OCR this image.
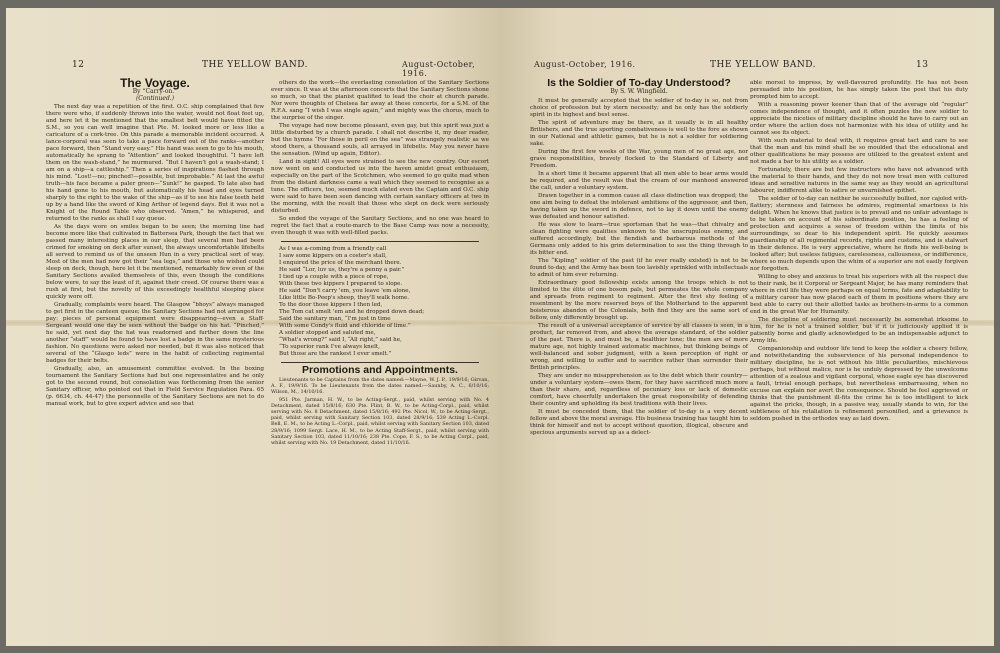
12	THE YELLOW BAND.	August-October, 1916.
The Voyage.
By “Carry-on.”
(Continued.)

The next day was a repetition of the first. O.C. ship complained that few there were who, if suddenly thrown into the water, would not float feet up, and here let it be mentioned that the smallest belt would have fitted the S.M., so you can well imagine that Pte. M. looked more or less like a caricature of a cork-tree. On this parade a memorable incident occurred. A lance-corporal was seen to take a pace forward out of the ranks—another pace forward, then “Stand very easy.” His hand was seen to go to his mouth, automatically he sprang to “Attention” and looked thoughtful. “I have left them on the wash-stand,” he murmured. “But I haven’t got a wash-stand; I am on a ship—a cattleship.” Then a series of inspirations flashed through his mind. “Lost!—no; pinched!—possible, but improbable.” At last the awful truth—his face became a paler green—“Sunk!” he gasped. To late also had his hand gone to his mouth, but automatically his head and eyes turned sharply to the right to the wake of the ship—as if to see his false teeth held up by a hand like the sword of King Arthur of legend days. But it was not a Knight of the Round Table who observed. “Amen,” he whispered, and returned to the ranks as shall I say queue.

As the days wore on smiles began to be seen; the morning line had become more like that cultivated in Battersea Park, though the fact that we passed many interesting places in our sleep, that several men had been crimed for smoking on deck after sunset, the always uncomfortable lifebelts all served to remind us of the unseen Hun in a very practical sort of way. Most of the men had now got their “sea legs,” and those who wished could sleep on deck, though, here let it be mentioned, remarkably few even of the Sanitary Sections availed themselves of this, even though the conditions below were, to say the least of it, against their creed. Of course there was a rush at first, but the novelty of this exceedingly healthful sleeping place quickly wore off.

Gradually, complaints were heard. The Glasgow “bhoys” always managed to get first in the canteen queue; the Sanitary Sections had not arranged for pay: pieces of personal equipment were disappearing—even a Staff-Sergeant would one day be seen without the badge on his hat. “Pinched,” he said, yet next day the hat was readorned and further down the line another “staff” would be found to have lost a badge in the same mysterious fashion. No questions were asked nor needed, but it was also noticed that several of the “Glasgo leds” were in the habit of collecting regimental badges for their belts.

Gradually, also, an amusement committee evolved. In the boxing tournament the Sanitary Sections had but one representative and he only got to the second round, but consolation was forthcoming from the senior Sanitary officer, who pointed out that in Field Service Regulation Para. 65 (p. 6634, ch. 44-47) the personnelle of the Sanitary Sections are not to do manual work, but to give expert advice and see that

others do the work—the everlasting consolation of the Sanitary Sections ever since. It was at the afternoon concerts that the Sanitary Sections shone so much, so that the pianist qualified to lead the choir at church parade. Nor were thoughts of Chelsea far away at these concerts, for a S.M. of the R.F.A. sang “I wish I was single again,” and mighty was the chorus, much to the surprise of the singer.

The voyage had now become pleasant, even gay, but this spirit was just a little disturbed by a church parade. I shall not describe it, my dear reader, but the hymns “For those in peril on the sea” was strangely realistic as we stood there, a thousand souls, all arrayed in lifebelts. May you never have the sensation. (Wind up again, Editor).

Land in sight! All eyes were strained to see the new country. Our escort now went on and conducted us into the haven amidst great enthusiasm, especially on the part of the Scotchmen, who seemed to go quite mad when from the distant darkness came a wail which they seemed to recognise as a tune. The officers, too, seemed much elated even the Captain and O.C. ship were said to have been seen dancing with certain sanitary officers at two in the morning, with the result that those who slept on deck were seriously disturbed.

So ended the voyage of the Sanitary Sections, and no one was heard to regret the fact that a route-march to the Base Camp was now a necessity, even though it was with well-filled packs.

As I was a-coming from a friendly call

I saw some kippers on a coster's stall,

I enquired the price of the merchant there.

He said “Lor, luv us, they're a penny a pair.”

I tied up a couple with a piece of rope,

With these two kippers I prepared to slope.

He said “Don't carry 'em, you leave 'em alone,

Like little Bo-Peep's sheep, they'll walk home.

To the door those kippers I then led,

The Tom cat smelt 'em and he dropped down dead;

Said the sanitary man, “I'm just in time

With some Condy's fluid and chloride of lime.”

A soldier stopped and saluted me,

“What's wrong?” said I, “All right,” said he,

“To superior rank I've always knelt,

But those are the rankest I ever smelt.”

Promotions and Appointments.

Lieutenants to be Captains from the dates named:—Mayne, W. J. P., 19/9/16; Girvan, A. F., 19/9/16. To be Lieutenants from the dates named:—Saunby, A. C., 6/10/16; Wilson, M., 14/10/16.

951 Pte. Jarman, H. W., to be Acting-Sergt., paid, whilst serving with No. 4 Detachment, dated 15/8/16; 630 Pte. Flint, B. W., to be Acting-Corpl., paid, whilst serving with No. 8 Detachment, dated 15/8/16; 492 Pte. Nicol, W., to be Acting-Sergt., paid, whilst serving with Sanitary Section 103, dated 28/9/16; 539 Acting L.-Corpl. Bell, E. M., to be Acting L.-Corpl., paid, whilst serving with Sanitary Section 103, dated 28/9/16; 1099 Sergt. Lace, H. M., to be Acting Staff-Sergt., paid, whilst serving with Sanitary Section 103, dated 11/10/16; 238 Pte. Cope, F. S., to be Acting Corpl., paid, whilst serving with No. 19 Detachment, dated 11/10/16.

August-October, 1916.	THE YELLOW BAND.	13
Is the Soldier of To-day Understood?
By S. W. Wingfield.

It must be generally accepted that the soldier of to-day is so, not from choice of profession but by stern necessity; and he only has the soldierly spirit in its highest and best sense.

The spirit of adventure may be there, as it usually is in all healthy Britishers, and the true sporting combativeness is well to the fore as shown in our National and athletic games, but he is not a soldier for soldiering sake.

During the first few weeks of the War, young men of no great age, nor grave responsibilities, bravely flocked to the Standard of Liberty and Freedom.

In a short time it became apparent that all men able to bear arms would be required, and the result was that the cream of our manhood answered the call, under a voluntary system.

Drawn together in a common cause all class distinction was dropped; the one aim being to defeat the intolerant ambitions of the aggressor, and then, having taken up the sword in defence, not to lay it down until the enemy was defeated and honour satisfied.

He was slow to learn—true sportsman that he was—that chivalry and clean fighting were qualities unknown to the unscrupulous enemy, and suffered accordingly, but the fiendish and barbarous methods of the Germans only added to his grim determination to see the thing through to its bitter end.

The “Kipling” soldier of the past (if he ever really existed) is not to be found to-day, and the Army has been too lavishly sprinkled with intellectuals to admit of him ever returning.

Extraordinary good fellowship exists among the troops which is not limited to the élite of one bosom pals, but permeates the whole company and spreads from regiment to regiment. After the first shy feeling of resentment by the more reserved boys of the Motherland to the apparent boisterous abandon of the Colonials, both find they are the same sort of fellow, only differently brought up.

The result of a universal acceptance of service by all classes is seen, in a product, far removed from, and above the average standard, of the soldier of the past. There is, and must be, a healthier tone; the men are of more mature age, not highly trained automatic machines, but thinking beings of well-balanced and sober judgment, with a keen perception of right or wrong, and willing to suffer and to sacrifice rather than surrender their British principles.

They are under no misapprehension as to the debt which their country—under a voluntary system—owes them, for they have sacrificed much more than their share, and, regardless of pecuniary loss or lack of domestic comfort, have cheerfully undertaken the great responsibility of defending their country and upholding its best traditions with their lives.

It must be conceded them, that the soldier of to-day is a very decent fellow and above the moral average. His business training has taught him to think for himself and not to accept without question, illogical, obscure and specious arguments served up as a delect-

able morsel to impress, by well-flavoured profundity. He has not been persuaded into his position, he has simply taken the post that his duty prompted him to accept.

With a reasoning power keener than that of the average old “regular” comes independence of thought, and it often puzzles the new soldier to appreciate the niceties of military discipline should he have to carry out an order where the action does not harmonize with his idea of utility and he cannot see its object.

With such material to deal with, it requires great tact and care to see that the man and his mind shall be so moulded that the educational and other qualifications he may possess are utilized to the greatest extent and not made a bar to his utility as a soldier.

Fortunately, there are but few instructors who have not advanced with the material to their hands, and they do not now treat men with cultured ideas and sensitive natures in the same way as they would an agricultural labourer, indifferent alike to satire or unvarnished epithet.

The soldier of to-day can neither be successfully bullied, nor cajoled with-flattery; sternness and fairness he admires, regimental smartness is his delight. When he knows that justice is to prevail and no unfair advantage is to be taken on account of his subordinate position, he has a feeling of protection and acquires a sense of freedom within the limits of his surroundings, so dear to his independent spirit. He quickly assumes guardianship of all regimental records, rights and customs, and is stalwart in their defence. He is very appreciative, where he finds his well-being is looked after; but useless fatigues, carelessness, callousness, or indifference, where so much depends upon the whim of a superior are not easily forgiven nor forgotten.

Willing to obey and anxious to treat his superiors with all the respect due to their rank, be it Corporal or Sergeant Major, he has many reminders that where in civil life they were perhaps on equal terms, fate and adaptability to a military career has now placed each of them in positions where they are best able to carry out their allotted tasks as brothers-in-arms to a common end in the great War for Humanity.

The discipline of soldiering must necessarily be somewhat irksome to him, for he is not a trained soldier, but if it is judiciously applied it is patiently borne and gladly acknowledged to be an indispensable adjunct to Army life.

Companionship and outdoor life tend to keep the soldier a cheery fellow, and notwithstanding the subservience of his personal independence to military discipline, he is not without his little peculiarities, mischievous perhaps, but without malice, nor is he unduly depressed by the unwelcome attention of a zealous and vigilant corporal, whose eagle eye has discovered a fault, trivial enough perhaps, but nevertheless embarrassing, when no excuse can explain nor avert the consequence. Should he feel aggrieved or thinks that the punishment ill-fits the crime he is too intelligent to kick against the pricks, though, in a passive way, usually stands to win, for the subtleness of his retaliation is refinement personified, and a grievance is seldom pushed in the orthodox way as laid down.
